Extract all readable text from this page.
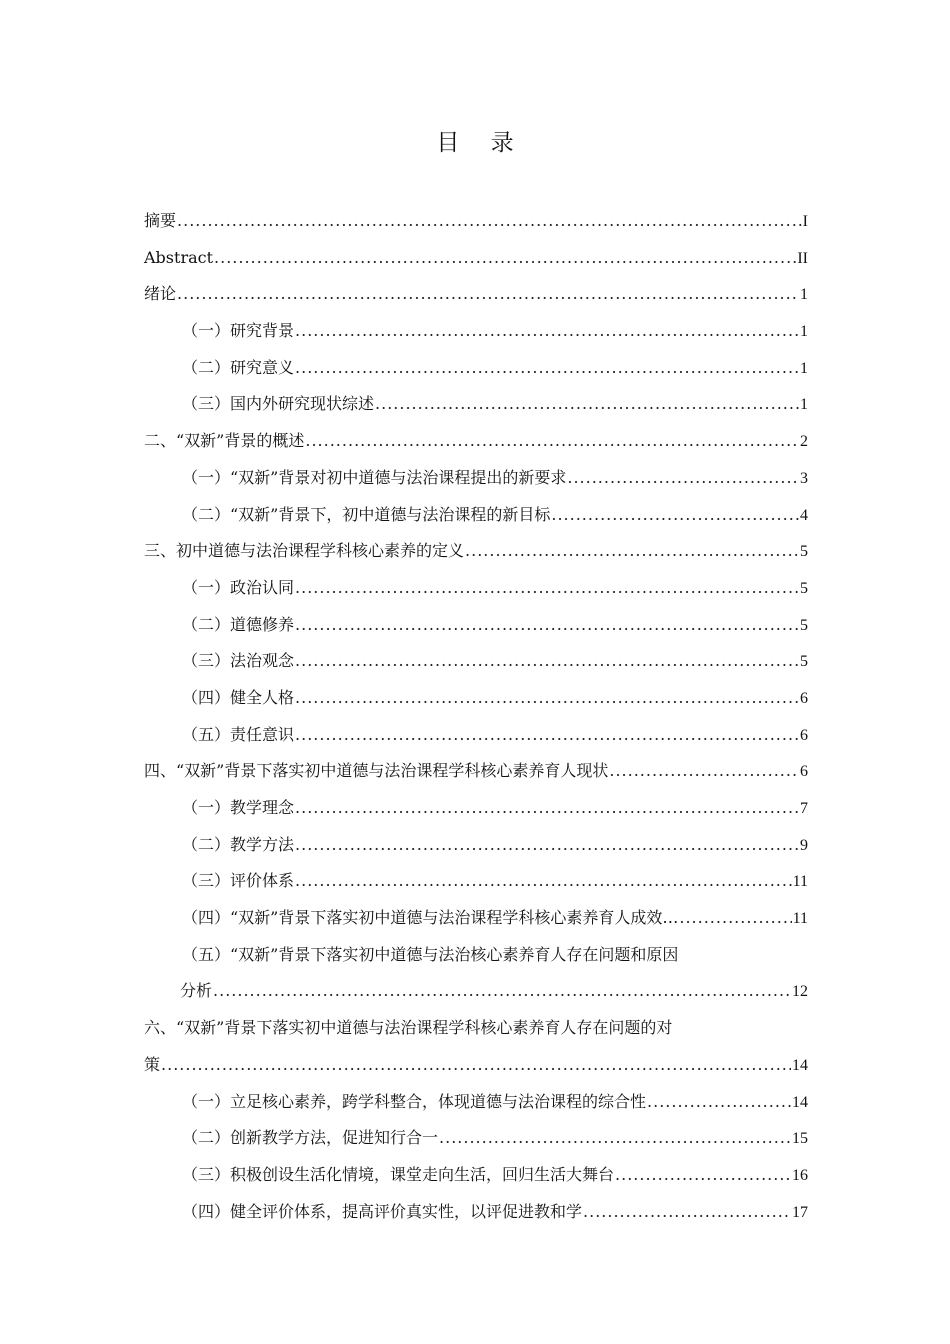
目 录
摘要 .....	I
Abstract .....	II
绪论 .....	1
（一）研究背景 .....	1
（二）研究意义 .....	1
（三）国内外研究现状综述 .....	1
二、“双新”背景的概述 .....	2
（一）“双新”背景对初中道德与法治课程提出的新要求 .....	3
（二）“双新”背景下，初中道德与法治课程的新目标 .....	4
三、初中道德与法治课程学科核心素养的定义 .....	5
（一）政治认同 .....	5
（二）道德修养 .....	5
（三）法治观念 .....	5
（四）健全人格 .....	6
（五）责任意识 .....	6
四、“双新”背景下落实初中道德与法治课程学科核心素养育人现状 .....	6
（一）教学理念 .....	7
（二）教学方法 .....	9
（三）评价体系 .....	11
（四）“双新”背景下落实初中道德与法治课程学科核心素养育人成效… .....	11
（五）“双新”背景下落实初中道德与法治核心素养育人存在问题和原因
分析 .....	12
六、“双新”背景下落实初中道德与法治课程学科核心素养育人存在问题的对
策 .....	14
（一）立足核心素养，跨学科整合，体现道德与法治课程的综合性 .....	14
（二）创新教学方法，促进知行合一 .....	15
（三）积极创设生活化情境，课堂走向生活，回归生活大舞台 .....	16
（四）健全评价体系，提高评价真实性，以评促进教和学 .....	17
